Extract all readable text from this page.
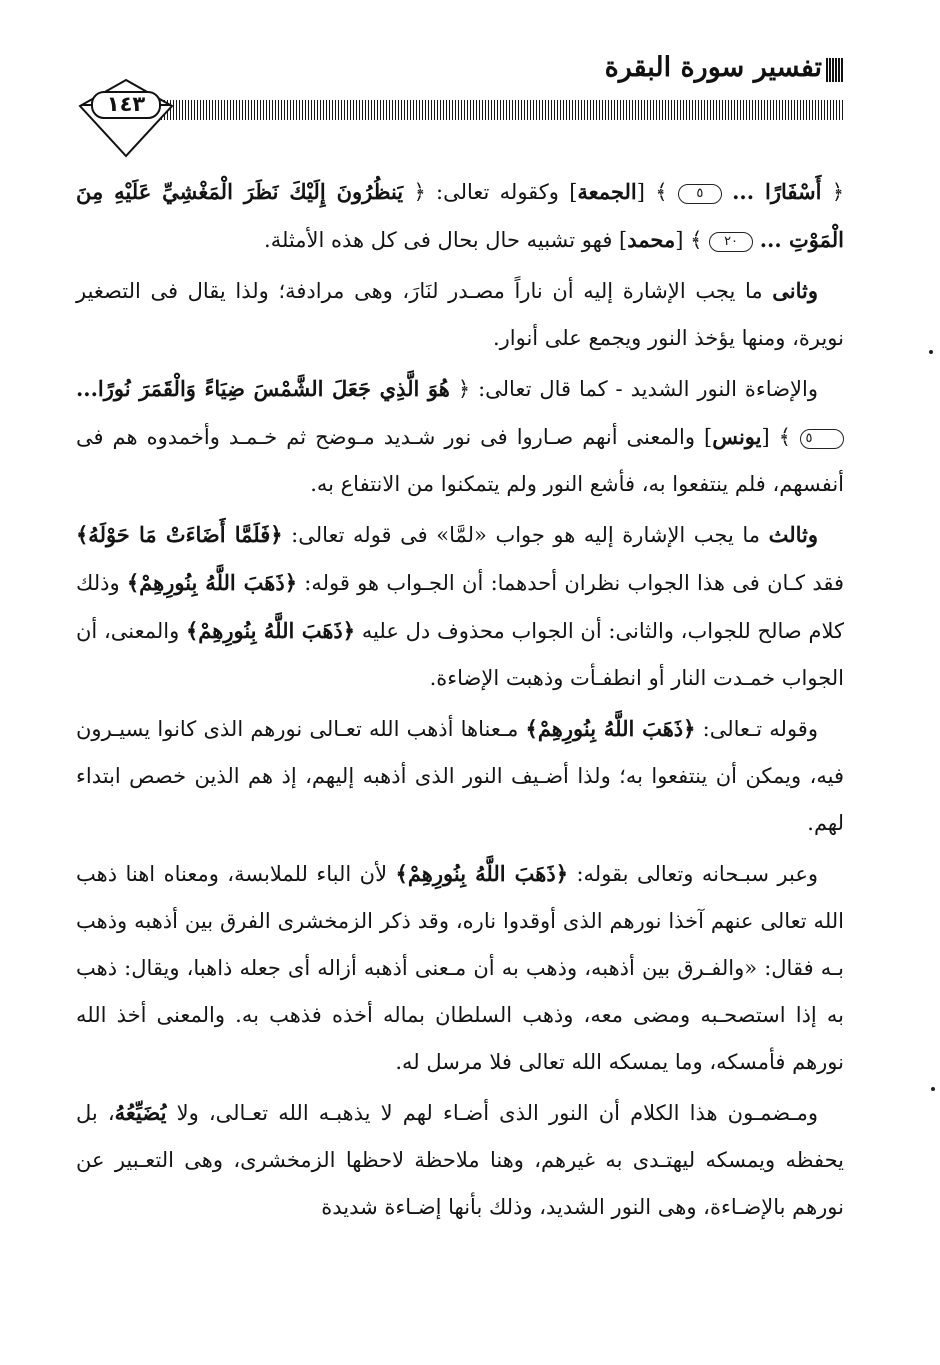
تفسير سورة البقرة
١٤٣

﴿ أَسْفَارًا ... ٥ ﴾ [الجمعة] وكقوله تعالى: ﴿ يَنظُرُونَ إِلَيْكَ نَظَرَ الْمَغْشِيِّ عَلَيْهِ مِنَ الْمَوْتِ ... ٢٠ ﴾ [محمد] فهو تشبيه حال بحال فى كل هذه الأمثلة.

وثانى ما يجب الإشارة إليه أن ناراً مصـدر لنَارَ، وهى مرادفة؛ ولذا يقال فى التصغير نويرة، ومنها يؤخذ النور ويجمع على أنوار.

والإضاءة النور الشديد - كما قال تعالى: ﴿ هُوَ الَّذِي جَعَلَ الشَّمْسَ ضِيَاءً وَالْقَمَرَ نُورًا... ٥ ﴾ [يونس] والمعنى أنهم صـاروا فى نور شـديد مـوضح ثم خـمـد وأخمدوه هم فى أنفسهم، فلم ينتفعوا به، فأشع النور ولم يتمكنوا من الانتفاع به.

وثالث ما يجب الإشارة إليه هو جواب «لمَّا» فى قوله تعالى: ﴿فَلَمَّا أَضَاءَتْ مَا حَوْلَهُ﴾ فقد كـان فى هذا الجواب نظران أحدهما: أن الجـواب هو قوله: ﴿ذَهَبَ اللَّهُ بِنُورِهِمْ﴾ وذلك كلام صالح للجواب، والثانى: أن الجواب محذوف دل عليه ﴿ذَهَبَ اللَّهُ بِنُورِهِمْ﴾ والمعنى، أن الجواب خمـدت النار أو انطفـأت وذهبت الإضاءة.

وقوله تـعالى: ﴿ذَهَبَ اللَّهُ بِنُورِهِمْ﴾ مـعناها أذهب الله تعـالى نورهم الذى كانوا يسيـرون فيه، ويمكن أن ينتفعوا به؛ ولذا أضـيف النور الذى أذهبه إليهم، إذ هم الذين خصص ابتداء لهم.

وعبر سبـحانه وتعالى بقوله: ﴿ذَهَبَ اللَّهُ بِنُورِهِمْ﴾ لأن الباء للملابسة، ومعناه اهنا ذهب الله تعالى عنهم آخذا نورهم الذى أوقدوا ناره، وقد ذكر الزمخشرى الفرق بين أذهبه وذهب بـه فقال: «والفـرق بين أذهبه، وذهب به أن مـعنى أذهبه أزاله أى جعله ذاهبا، ويقال: ذهب به إذا استصحـبه ومضى معه، وذهب السلطان بماله أخذه فذهب به. والمعنى أخذ الله نورهم فأمسكه، وما يمسكه الله تعالى فلا مرسل له.

ومـضمـون هذا الكلام أن النور الذى أضـاء لهم لا يذهبـه الله تعـالى، ولا يُضَيِّعُهُ، بل يحفظه ويمسكه ليهتـدى به غيرهم، وهنا ملاحظة لاحظها الزمخشرى، وهى التعـبير عن نورهم بالإضـاءة، وهى النور الشديد، وذلك بأنها إضـاءة شديدة
